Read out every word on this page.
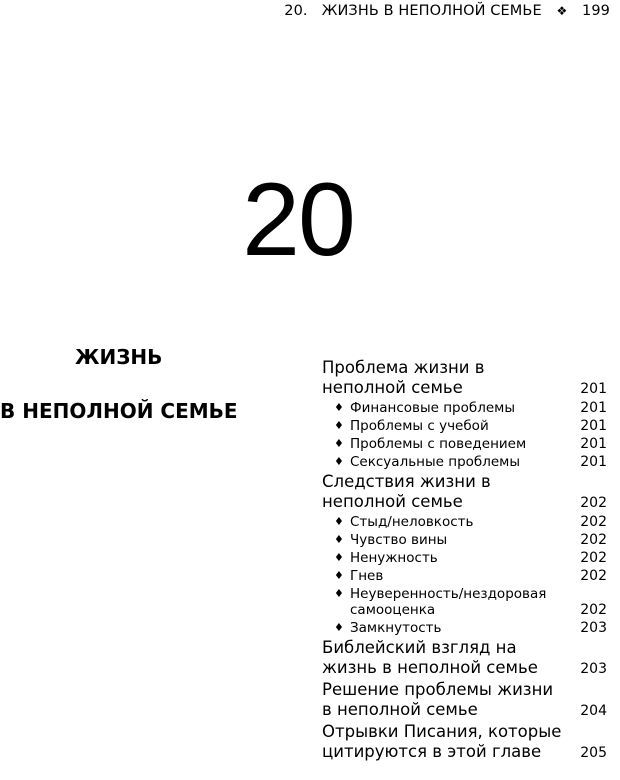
20. ЖИЗНЬ В НЕПОЛНОЙ СЕМЬЕ ❖ 199
20
ЖИЗНЬ
В НЕПОЛНОЙ СЕМЬЕ
Проблема жизни в неполной семье	201
♦ Финансовые проблемы	201
♦ Проблемы с учебой	201
♦ Проблемы с поведением	201
♦ Сексуальные проблемы	201
Следствия жизни в неполной семье	202
♦ Стыд/неловкость	202
♦ Чувство вины	202
♦ Ненужность	202
♦ Гнев	202
♦ Неуверенность/нездоровая самооценка	202
♦ Замкнутость	203
Библейский взгляд на жизнь в неполной семье	203
Решение проблемы жизни в неполной семье	204
Отрывки Писания, которые цитируются в этой главе	205
